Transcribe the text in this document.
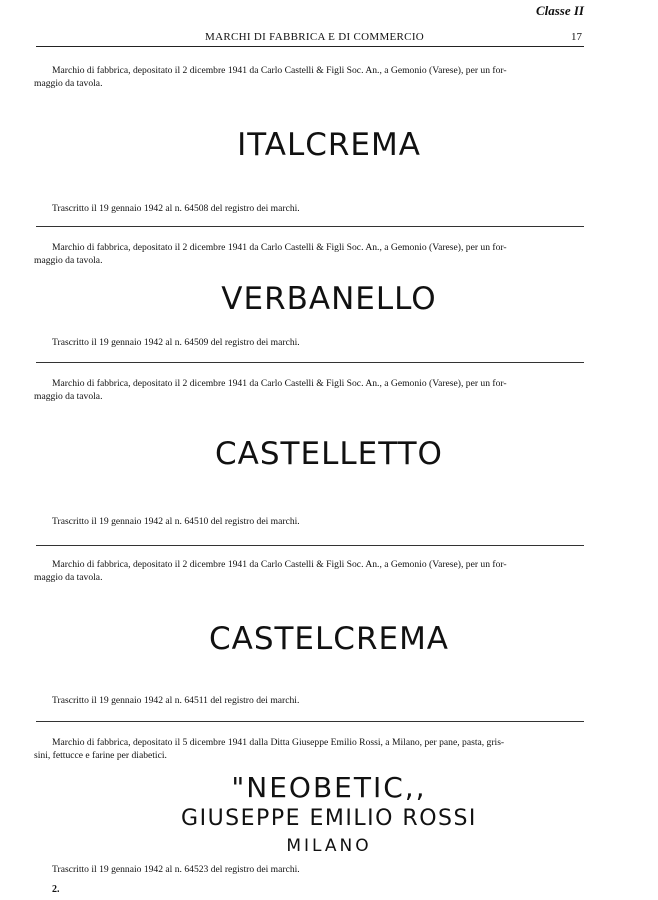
Classe II
MARCHI DI FABBRICA E DI COMMERCIO	17
Marchio di fabbrica, depositato il 2 dicembre 1941 da Carlo Castelli & Figli Soc. An., a Gemonio (Varese), per un for-
maggio da tavola.
ITALCREMA
Trascritto il 19 gennaio 1942 al n. 64508 del registro dei marchi.
Marchio di fabbrica, depositato il 2 dicembre 1941 da Carlo Castelli & Figli Soc. An., a Gemonio (Varese), per un for-
maggio da tavola.
VERBANELLO
Trascritto il 19 gennaio 1942 al n. 64509 del registro dei marchi.
Marchio di fabbrica, depositato il 2 dicembre 1941 da Carlo Castelli & Figli Soc. An., a Gemonio (Varese), per un for-
maggio da tavola.
CASTELLETTO
Trascritto il 19 gennaio 1942 al n. 64510 del registro dei marchi.
Marchio di fabbrica, depositato il 2 dicembre 1941 da Carlo Castelli & Figli Soc. An., a Gemonio (Varese), per un for-
maggio da tavola.
CASTELCREMA
Trascritto il 19 gennaio 1942 al n. 64511 del registro dei marchi.
Marchio di fabbrica, depositato il 5 dicembre 1941 dalla Ditta Giuseppe Emilio Rossi, a Milano, per pane, pasta, gris-
sini, fettucce e farine per diabetici.
"NEOBETIC,,
GIUSEPPE EMILIO ROSSI
MILANO
Trascritto il 19 gennaio 1942 al n. 64523 del registro dei marchi.
2.
